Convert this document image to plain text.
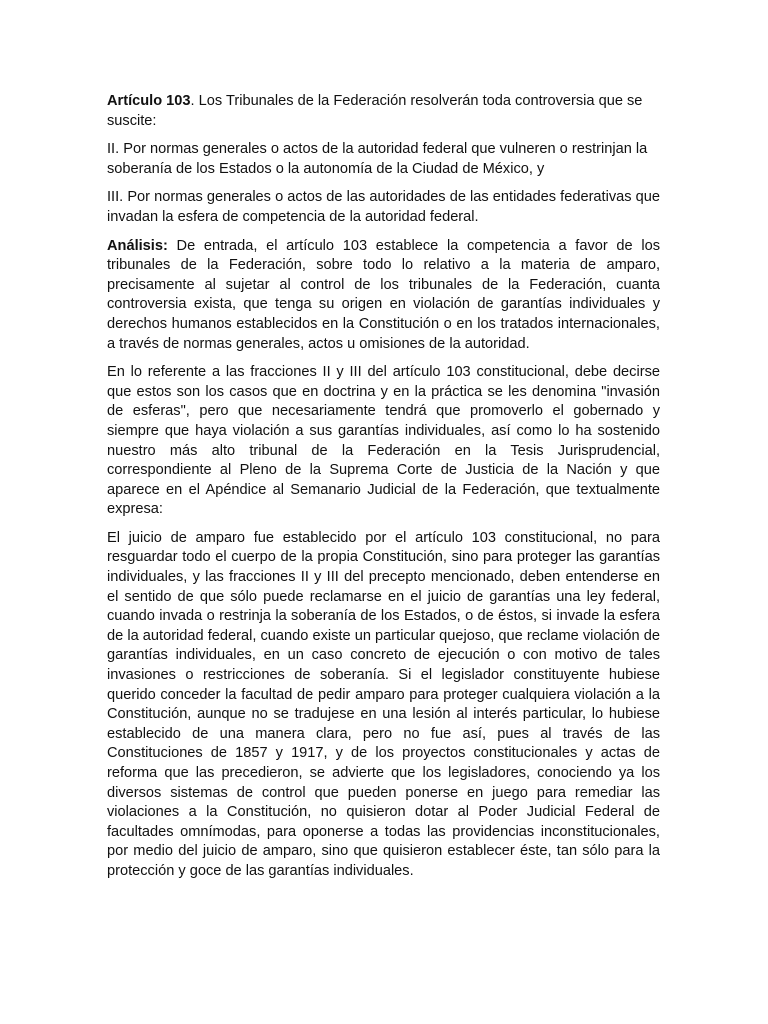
Artículo 103. Los Tribunales de la Federación resolverán toda controversia que se suscite:

II. Por normas generales o actos de la autoridad federal que vulneren o restrinjan la soberanía de los Estados o la autonomía de la Ciudad de México, y

III. Por normas generales o actos de las autoridades de las entidades federativas que invadan la esfera de competencia de la autoridad federal.

Análisis: De entrada, el artículo 103 establece la competencia a favor de los tribunales de la Federación, sobre todo lo relativo a la materia de amparo, precisamente al sujetar al control de los tribunales de la Federación, cuanta controversia exista, que tenga su origen en violación de garantías individuales y derechos humanos establecidos en la Constitución o en los tratados internacionales, a través de normas generales, actos u omisiones de la autoridad.

En lo referente a las fracciones II y III del artículo 103 constitucional, debe decirse que estos son los casos que en doctrina y en la práctica se les denomina "invasión de esferas", pero que necesariamente tendrá que promoverlo el gobernado y siempre que haya violación a sus garantías individuales, así como lo ha sostenido nuestro más alto tribunal de la Federación en la Tesis Jurisprudencial, correspondiente al Pleno de la Suprema Corte de Justicia de la Nación y que aparece en el Apéndice al Semanario Judicial de la Federación, que textualmente expresa:

El juicio de amparo fue establecido por el artículo 103 constitucional, no para resguardar todo el cuerpo de la propia Constitución, sino para proteger las garantías individuales, y las fracciones II y III del precepto mencionado, deben entenderse en el sentido de que sólo puede reclamarse en el juicio de garantías una ley federal, cuando invada o restrinja la soberanía de los Estados, o de éstos, si invade la esfera de la autoridad federal, cuando existe un particular quejoso, que reclame violación de garantías individuales, en un caso concreto de ejecución o con motivo de tales invasiones o restricciones de soberanía. Si el legislador constituyente hubiese querido conceder la facultad de pedir amparo para proteger cualquiera violación a la Constitución, aunque no se tradujese en una lesión al interés particular, lo hubiese establecido de una manera clara, pero no fue así, pues al través de las Constituciones de 1857 y 1917, y de los proyectos constitucionales y actas de reforma que las precedieron, se advierte que los legisladores, conociendo ya los diversos sistemas de control que pueden ponerse en juego para remediar las violaciones a la Constitución, no quisieron dotar al Poder Judicial Federal de facultades omnímodas, para oponerse a todas las providencias inconstitucionales, por medio del juicio de amparo, sino que quisieron establecer éste, tan sólo para la protección y goce de las garantías individuales.
